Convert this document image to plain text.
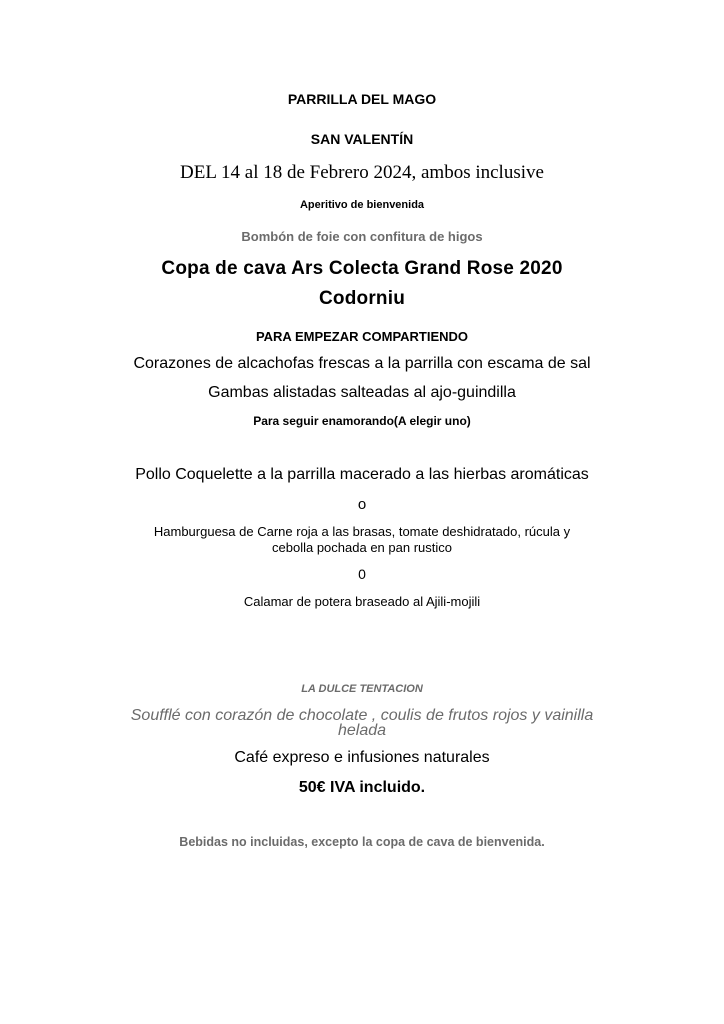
PARRILLA DEL MAGO
SAN VALENTÍN
DEL 14 al 18 de Febrero 2024, ambos inclusive
Aperitivo de bienvenida
Bombón de foie con confitura de higos
Copa de cava Ars Colecta Grand Rose 2020
Codorniu
PARA EMPEZAR COMPARTIENDO
Corazones de alcachofas frescas a la parrilla con escama de sal
Gambas alistadas salteadas al ajo-guindilla
Para seguir enamorando(A elegir uno)
Pollo Coquelette a la parrilla macerado a las hierbas aromáticas
o
Hamburguesa de Carne roja a las brasas, tomate deshidratado, rúcula y
cebolla pochada en pan rustico
0
Calamar de potera braseado al Ajili-mojili
LA DULCE TENTACION
Soufflé con corazón de chocolate , coulis de frutos rojos y vainilla
helada
Café expreso e infusiones naturales
50€ IVA incluido.
Bebidas no incluidas, excepto la copa de cava de bienvenida.
